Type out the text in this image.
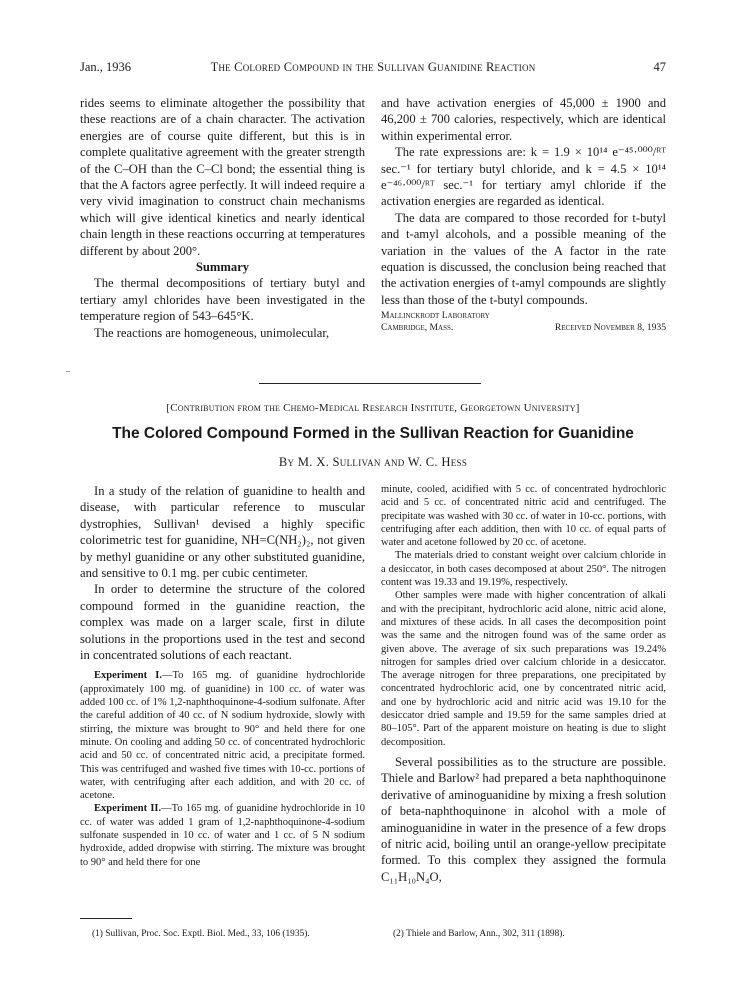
Jan., 1936	The Colored Compound in the Sullivan Guanidine Reaction	47

rides seems to eliminate altogether the possibility that these reactions are of a chain character. The activation energies are of course quite different, but this is in complete qualitative agreement with the greater strength of the C–OH than the C–Cl bond; the essential thing is that the A factors agree perfectly. It will indeed require a very vivid imagination to construct chain mechanisms which will give identical kinetics and nearly identical chain length in these reactions occurring at temperatures different by about 200°.

Summary

The thermal decompositions of tertiary butyl and tertiary amyl chlorides have been investigated in the temperature region of 543–645°K.

The reactions are homogeneous, unimolecular,

and have activation energies of 45,000 ± 1900 and 46,200 ± 700 calories, respectively, which are identical within experimental error.

The rate expressions are: k = 1.9 × 10¹⁴ e⁻⁴⁵·⁰⁰⁰/ᴿᵀ sec.⁻¹ for tertiary butyl chloride, and k = 4.5 × 10¹⁴ e⁻⁴⁶·⁰⁰⁰/ᴿᵀ sec.⁻¹ for tertiary amyl chloride if the activation energies are regarded as identical.

The data are compared to those recorded for t-butyl and t-amyl alcohols, and a possible meaning of the variation in the values of the A factor in the rate equation is discussed, the conclusion being reached that the activation energies of t-amyl compounds are slightly less than those of the t-butyl compounds.

Mallinckrodt Laboratory
Cambridge, Mass.	Received November 8, 1935
[Contribution from the Chemo-Medical Research Institute, Georgetown University]
The Colored Compound Formed in the Sullivan Reaction for Guanidine
By M. X. Sullivan and W. C. Hess

In a study of the relation of guanidine to health and disease, with particular reference to muscular dystrophies, Sullivan¹ devised a highly specific colorimetric test for guanidine, NH=C(NH₂)₂, not given by methyl guanidine or any other substituted guanidine, and sensitive to 0.1 mg. per cubic centimeter.

In order to determine the structure of the colored compound formed in the guanidine reaction, the complex was made on a larger scale, first in dilute solutions in the proportions used in the test and second in concentrated solutions of each reactant.

Experiment I.—To 165 mg. of guanidine hydrochloride (approximately 100 mg. of guanidine) in 100 cc. of water was added 100 cc. of 1% 1,2-naphthoquinone-4-sodium sulfonate. After the careful addition of 40 cc. of N sodium hydroxide, slowly with stirring, the mixture was brought to 90° and held there for one minute. On cooling and adding 50 cc. of concentrated hydrochloric acid and 50 cc. of concentrated nitric acid, a precipitate formed. This was centrifuged and washed five times with 10-cc. portions of water, with centrifuging after each addition, and with 20 cc. of acetone.

Experiment II.—To 165 mg. of guanidine hydrochloride in 10 cc. of water was added 1 gram of 1,2-naphthoquinone-4-sodium sulfonate suspended in 10 cc. of water and 1 cc. of 5 N sodium hydroxide, added dropwise with stirring. The mixture was brought to 90° and held there for one

minute, cooled, acidified with 5 cc. of concentrated hydrochloric acid and 5 cc. of concentrated nitric acid and centrifuged. The precipitate was washed with 30 cc. of water in 10-cc. portions, with centrifuging after each addition, then with 10 cc. of equal parts of water and acetone followed by 20 cc. of acetone.

The materials dried to constant weight over calcium chloride in a desiccator, in both cases decomposed at about 250°. The nitrogen content was 19.33 and 19.19%, respectively.

Other samples were made with higher concentration of alkali and with the precipitant, hydrochloric acid alone, nitric acid alone, and mixtures of these acids. In all cases the decomposition point was the same and the nitrogen found was of the same order as given above. The average of six such preparations was 19.24% nitrogen for samples dried over calcium chloride in a desiccator. The average nitrogen for three preparations, one precipitated by concentrated hydrochloric acid, one by concentrated nitric acid, and one by hydrochloric acid and nitric acid was 19.10 for the desiccator dried sample and 19.59 for the same samples dried at 80–105°. Part of the apparent moisture on heating is due to slight decomposition.

Several possibilities as to the structure are possible. Thiele and Barlow² had prepared a beta naphthoquinone derivative of aminoguanidine by mixing a fresh solution of beta-naphthoquinone in alcohol with a mole of aminoguanidine in water in the presence of a few drops of nitric acid, boiling until an orange-yellow precipitate formed. To this complex they assigned the formula C₁₁H₁₀N₄O,

(1) Sullivan, Proc. Soc. Exptl. Biol. Med., 33, 106 (1935).	(2) Thiele and Barlow, Ann., 302, 311 (1898).
